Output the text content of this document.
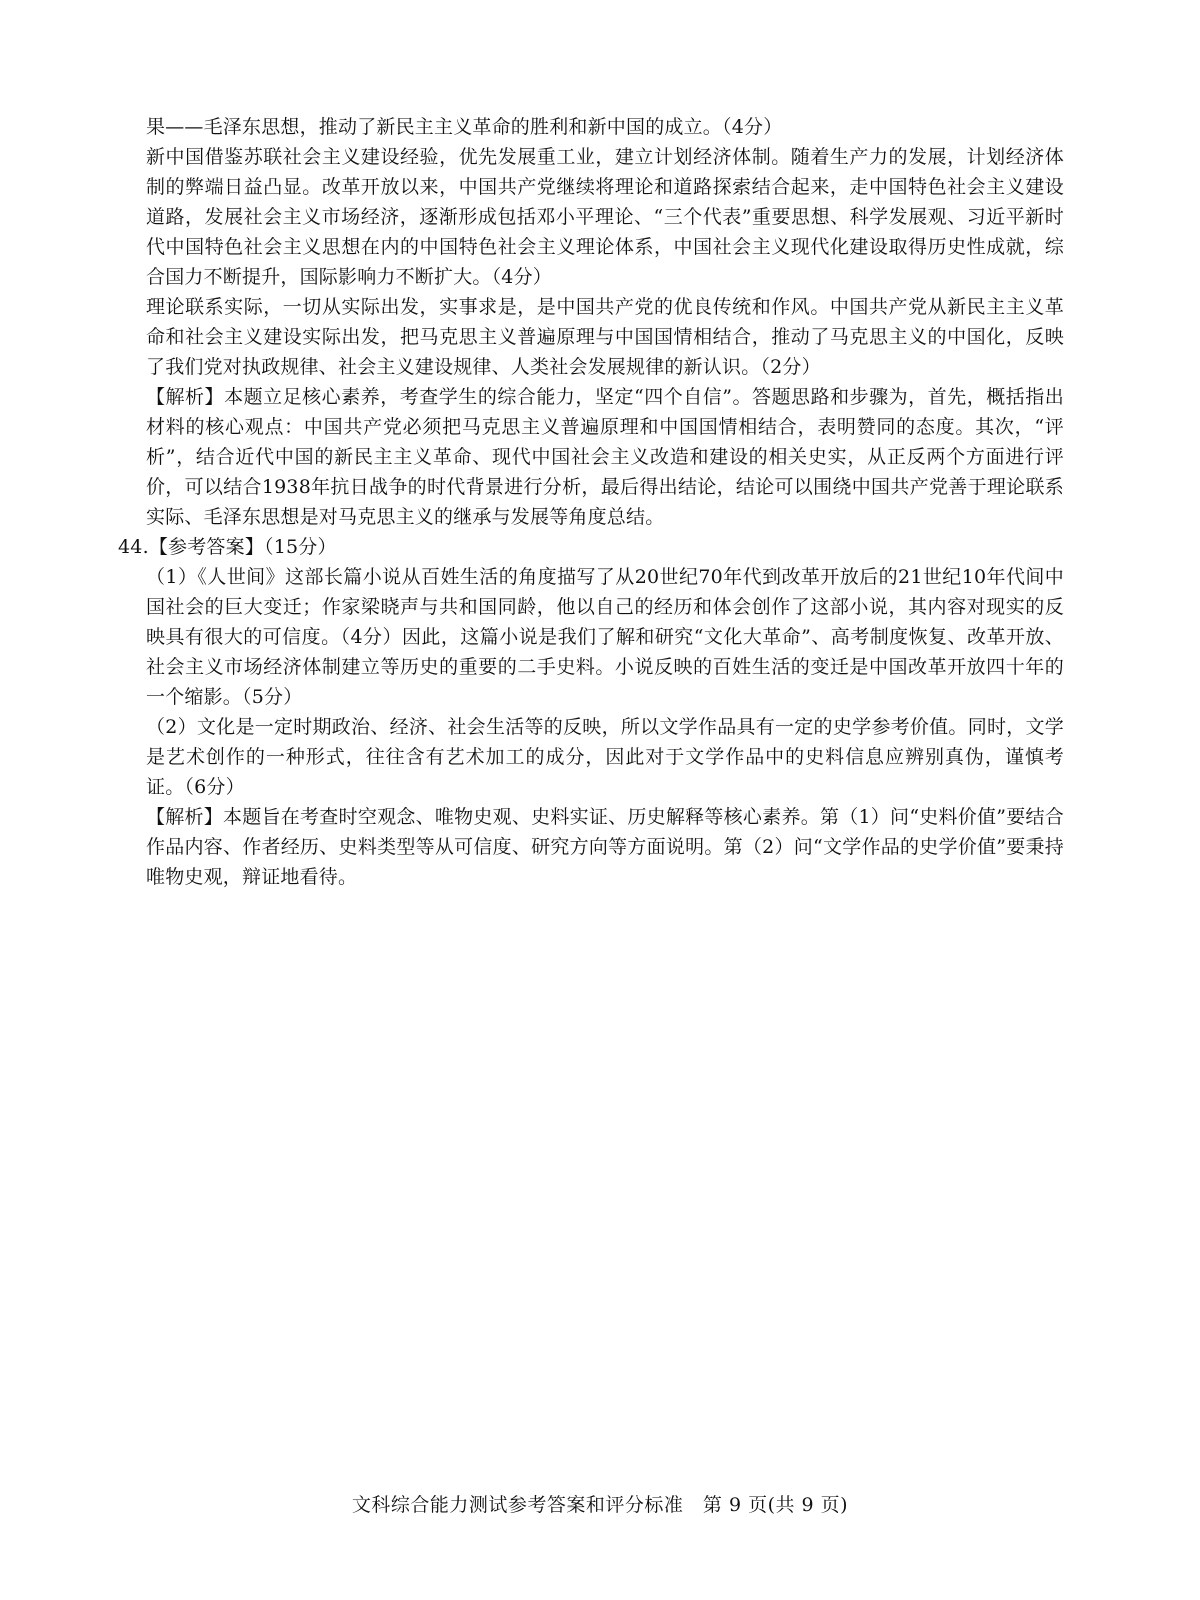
果——毛泽东思想，推动了新民主主义革命的胜利和新中国的成立。（4分）

新中国借鉴苏联社会主义建设经验，优先发展重工业，建立计划经济体制。随着生产力的发展，计划经济体制的弊端日益凸显。改革开放以来，中国共产党继续将理论和道路探索结合起来，走中国特色社会主义建设道路，发展社会主义市场经济，逐渐形成包括邓小平理论、“三个代表”重要思想、科学发展观、习近平新时代中国特色社会主义思想在内的中国特色社会主义理论体系，中国社会主义现代化建设取得历史性成就，综合国力不断提升，国际影响力不断扩大。（4分）

理论联系实际，一切从实际出发，实事求是，是中国共产党的优良传统和作风。中国共产党从新民主主义革命和社会主义建设实际出发，把马克思主义普遍原理与中国国情相结合，推动了马克思主义的中国化，反映了我们党对执政规律、社会主义建设规律、人类社会发展规律的新认识。（2分）

【解析】本题立足核心素养，考查学生的综合能力，坚定“四个自信”。答题思路和步骤为，首先，概括指出材料的核心观点：中国共产党必须把马克思主义普遍原理和中国国情相结合，表明赞同的态度。其次，“评析”，结合近代中国的新民主主义革命、现代中国社会主义改造和建设的相关史实，从正反两个方面进行评价，可以结合1938年抗日战争的时代背景进行分析，最后得出结论，结论可以围绕中国共产党善于理论联系实际、毛泽东思想是对马克思主义的继承与发展等角度总结。

44.【参考答案】（15分）

（1）《人世间》这部长篇小说从百姓生活的角度描写了从20世纪70年代到改革开放后的21世纪10年代间中国社会的巨大变迁；作家梁晓声与共和国同龄，他以自己的经历和体会创作了这部小说，其内容对现实的反映具有很大的可信度。（4分）因此，这篇小说是我们了解和研究“文化大革命”、高考制度恢复、改革开放、社会主义市场经济体制建立等历史的重要的二手史料。小说反映的百姓生活的变迁是中国改革开放四十年的一个缩影。（5分）

（2）文化是一定时期政治、经济、社会生活等的反映，所以文学作品具有一定的史学参考价值。同时，文学是艺术创作的一种形式，往往含有艺术加工的成分，因此对于文学作品中的史料信息应辨别真伪，谨慎考证。（6分）

【解析】本题旨在考查时空观念、唯物史观、史料实证、历史解释等核心素养。第（1）问“史料价值”要结合作品内容、作者经历、史料类型等从可信度、研究方向等方面说明。第（2）问“文学作品的史学价值”要秉持唯物史观，辩证地看待。

文科综合能力测试参考答案和评分标准　第 9 页(共 9 页)
